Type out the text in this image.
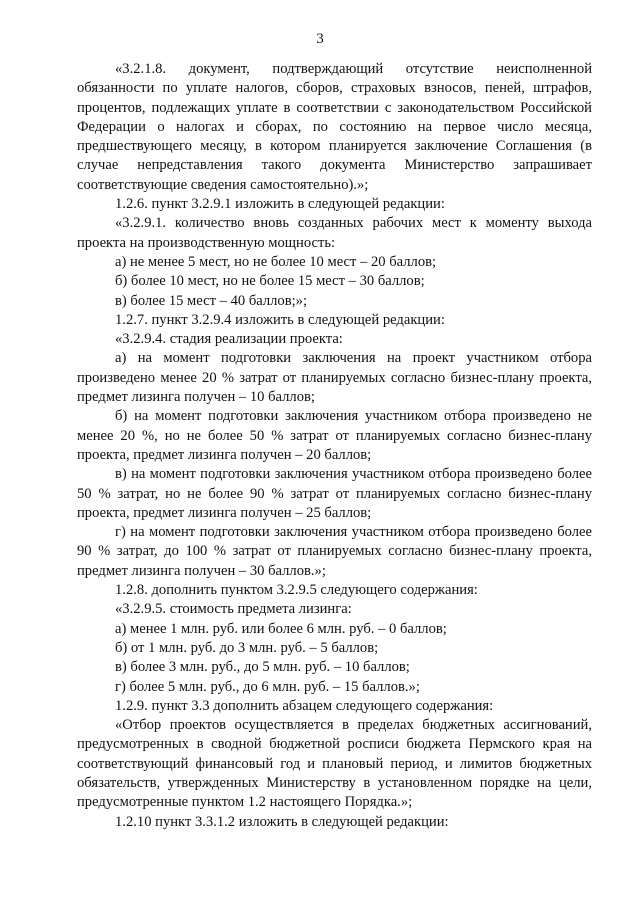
3

«3.2.1.8. документ, подтверждающий отсутствие неисполненной обязанности по уплате налогов, сборов, страховых взносов, пеней, штрафов, процентов, подлежащих уплате в соответствии с законодательством Российской Федерации о налогах и сборах, по состоянию на первое число месяца, предшествующего месяцу, в котором планируется заключение Соглашения (в случае непредставления такого документа Министерство запрашивает соответствующие сведения самостоятельно).»;

1.2.6. пункт 3.2.9.1 изложить в следующей редакции:

«3.2.9.1. количество вновь созданных рабочих мест к моменту выхода проекта на производственную мощность:

а) не менее 5 мест, но не более 10 мест – 20 баллов;

б) более 10 мест, но не более 15 мест – 30 баллов;

в) более 15 мест – 40 баллов;»;

1.2.7. пункт 3.2.9.4 изложить в следующей редакции:

«3.2.9.4. стадия реализации проекта:

а) на момент подготовки заключения на проект участником отбора произведено менее 20 % затрат от планируемых согласно бизнес-плану проекта, предмет лизинга получен – 10 баллов;

б) на момент подготовки заключения участником отбора произведено не менее 20 %, но не более 50 % затрат от планируемых согласно бизнес-плану проекта, предмет лизинга получен – 20 баллов;

в) на момент подготовки заключения участником отбора произведено более 50 % затрат, но не более 90 % затрат от планируемых согласно бизнес-плану проекта, предмет лизинга получен – 25 баллов;

г) на момент подготовки заключения участником отбора произведено более 90 % затрат, до 100 % затрат от планируемых согласно бизнес-плану проекта, предмет лизинга получен – 30 баллов.»;

1.2.8. дополнить пунктом 3.2.9.5 следующего содержания:

«3.2.9.5. стоимость предмета лизинга:

а) менее 1 млн. руб. или более 6 млн. руб. – 0 баллов;

б) от 1 млн. руб. до 3 млн. руб. – 5 баллов;

в) более 3 млн. руб., до 5 млн. руб. – 10 баллов;

г) более 5 млн. руб., до 6 млн. руб. – 15 баллов.»;

1.2.9. пункт 3.3 дополнить абзацем следующего содержания:

«Отбор проектов осуществляется в пределах бюджетных ассигнований, предусмотренных в сводной бюджетной росписи бюджета Пермского края на соответствующий финансовый год и плановый период, и лимитов бюджетных обязательств, утвержденных Министерству в установленном порядке на цели, предусмотренные пунктом 1.2 настоящего Порядка.»;

1.2.10 пункт 3.3.1.2 изложить в следующей редакции:
